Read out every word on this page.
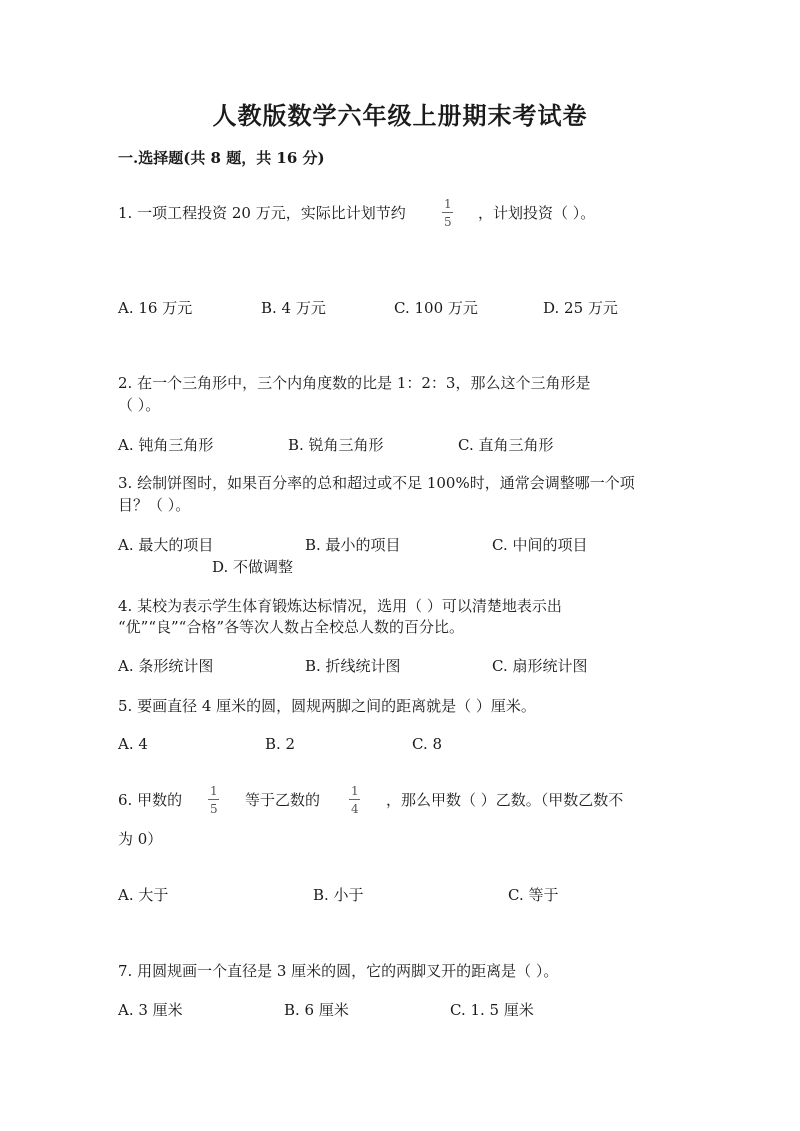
人教版数学六年级上册期末考试卷
一.选择题(共 8 题，共 16 分)
1. 一项工程投资 20 万元，实际比计划节约	1
5 ，计划投资（ ）。
A. 16 万元	B. 4 万元	C. 100 万元	D. 25 万元
2. 在一个三角形中，三个内角度数的比是 1：2：3，那么这个三角形是
（ ）。
A. 钝角三角形	B. 锐角三角形	C. 直角三角形
3. 绘制饼图时，如果百分率的总和超过或不足 100%时，通常会调整哪一个项
目？（ ）。
A. 最大的项目	B. 最小的项目	C. 中间的项目
D. 不做调整
4. 某校为表示学生体育锻炼达标情况，选用（ ）可以清楚地表示出
“优”“良”“合格”各等次人数占全校总人数的百分比。
A. 条形统计图	B. 折线统计图	C. 扇形统计图
5. 要画直径 4 厘米的圆，圆规两脚之间的距离就是（ ）厘米。
A. 4	B. 2	C. 8
6. 甲数的 1
5 等于乙数的	1
4 ，那么甲数（ ）乙数。（甲数乙数不
为 0）
A. 大于	B. 小于	C. 等于
7. 用圆规画一个直径是 3 厘米的圆，它的两脚叉开的距离是（ ）。
A. 3 厘米	B. 6 厘米	C. 1. 5 厘米
